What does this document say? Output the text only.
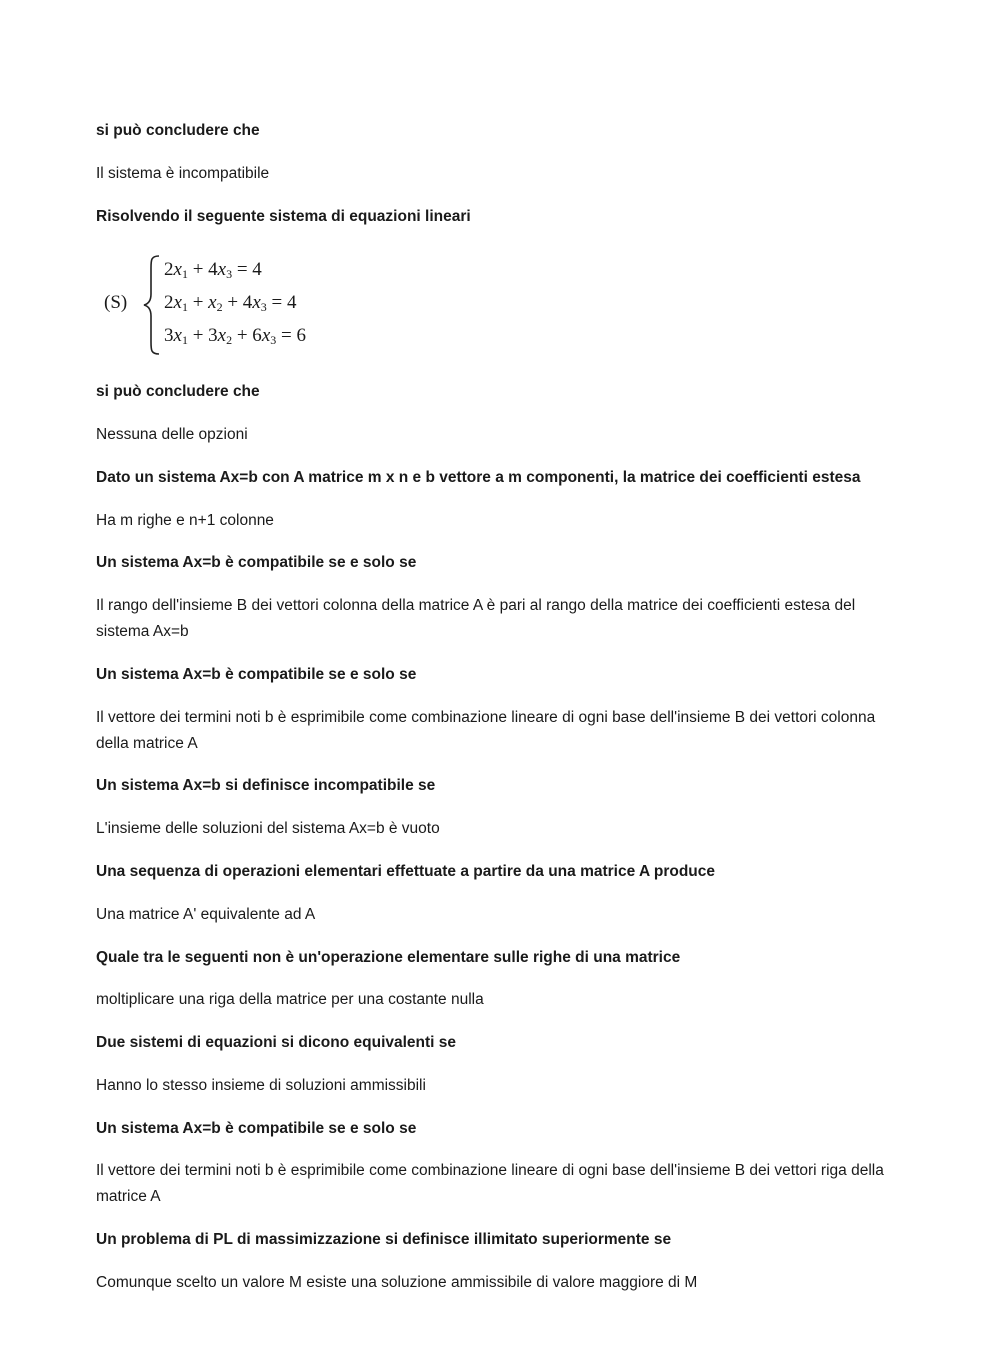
si può concludere che
Il sistema è incompatibile
Risolvendo il seguente sistema di equazioni lineari
(S)
$2x_1 + 4x_3 = 4$
$2x_1 + x_2 + 4x_3 = 4$
$3x_1 + 3x_2 + 6x_3 = 6$
si può concludere che
Nessuna delle opzioni
Dato un sistema Ax=b con A matrice m x n e b vettore a m componenti, la matrice dei coefficienti estesa
Ha m righe e n+1 colonne
Un sistema Ax=b è compatibile se e solo se
Il rango dell'insieme B dei vettori colonna della matrice A è pari al rango della matrice dei coefficienti estesa del sistema Ax=b
Un sistema Ax=b è compatibile se e solo se
Il vettore dei termini noti b è esprimibile come combinazione lineare di ogni base dell'insieme B dei vettori colonna della matrice A
Un sistema Ax=b si definisce incompatibile se
L'insieme delle soluzioni del sistema Ax=b è vuoto
Una sequenza di operazioni elementari effettuate a partire da una matrice A produce
Una matrice A' equivalente ad A
Quale tra le seguenti non è un'operazione elementare sulle righe di una matrice
moltiplicare una riga della matrice per una costante nulla
Due sistemi di equazioni si dicono equivalenti se
Hanno lo stesso insieme di soluzioni ammissibili
Un sistema Ax=b è compatibile se e solo se
Il vettore dei termini noti b è esprimibile come combinazione lineare di ogni base dell'insieme B dei vettori riga della matrice A
Un problema di PL di massimizzazione si definisce illimitato superiormente se
Comunque scelto un valore M esiste una soluzione ammissibile di valore maggiore di M
